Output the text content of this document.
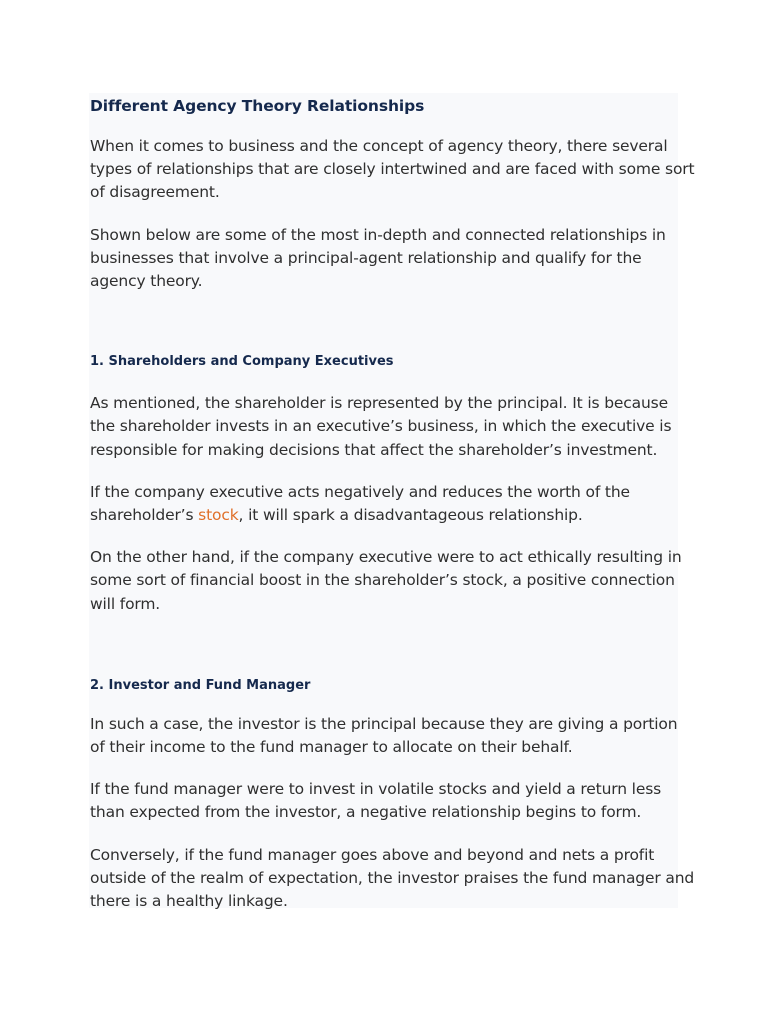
Different Agency Theory Relationships

When it comes to business and the concept of agency theory, there several
types of relationships that are closely intertwined and are faced with some sort
of disagreement.

Shown below are some of the most in-depth and connected relationships in
businesses that involve a principal-agent relationship and qualify for the
agency theory.

1. Shareholders and Company Executives

As mentioned, the shareholder is represented by the principal. It is because
the shareholder invests in an executive’s business, in which the executive is
responsible for making decisions that affect the shareholder’s investment.

If the company executive acts negatively and reduces the worth of the
shareholder’s stock, it will spark a disadvantageous relationship.

On the other hand, if the company executive were to act ethically resulting in
some sort of financial boost in the shareholder’s stock, a positive connection
will form.

2. Investor and Fund Manager

In such a case, the investor is the principal because they are giving a portion
of their income to the fund manager to allocate on their behalf.

If the fund manager were to invest in volatile stocks and yield a return less
than expected from the investor, a negative relationship begins to form.

Conversely, if the fund manager goes above and beyond and nets a profit
outside of the realm of expectation, the investor praises the fund manager and
there is a healthy linkage.
